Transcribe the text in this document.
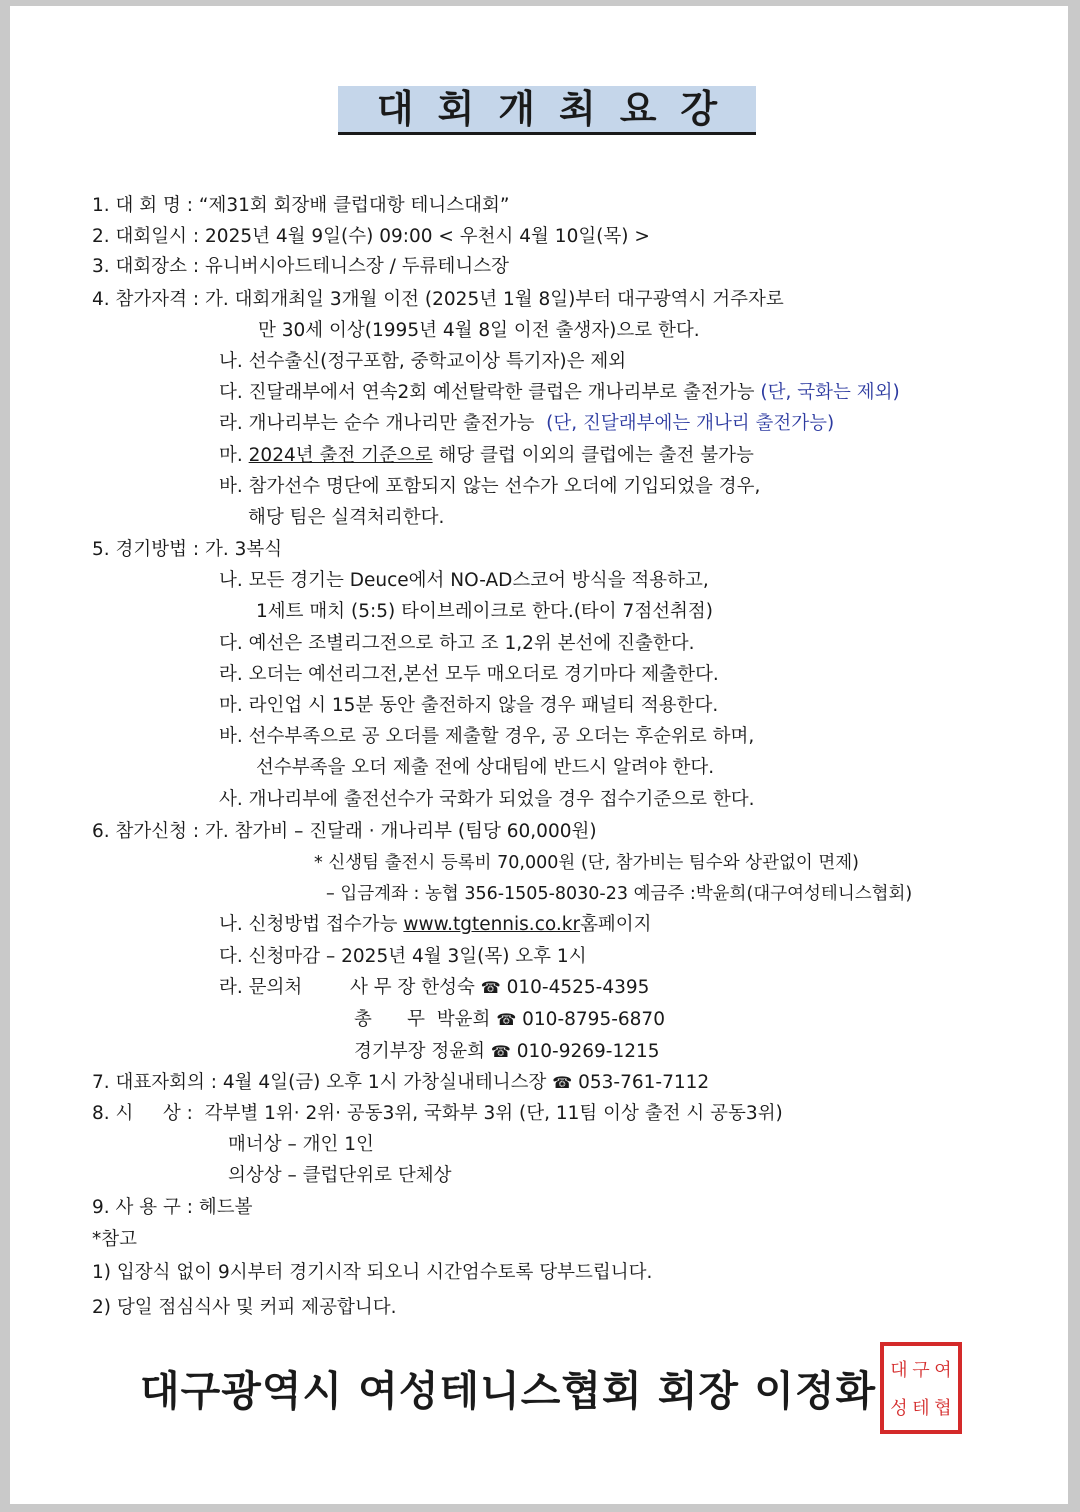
대회개최요강
1. 대 회 명 : “제31회 회장배 클럽대항 테니스대회”
2. 대회일시 : 2025년 4월 9일(수) 09:00 < 우천시 4월 10일(목) >
3. 대회장소 : 유니버시아드테니스장 / 두류테니스장
4. 참가자격 : 가. 대회개최일 3개월 이전 (2025년 1월 8일)부터 대구광역시 거주자로
만 30세 이상(1995년 4월 8일 이전 출생자)으로 한다.
나. 선수출신(정구포함, 중학교이상 특기자)은 제외
다. 진달래부에서 연속2회 예선탈락한 클럽은 개나리부로 출전가능 (단, 국화는 제외)
라. 개나리부는 순수 개나리만 출전가능 (단, 진달래부에는 개나리 출전가능)
마. 2024년 출전 기준으로 해당 클럽 이외의 클럽에는 출전 불가능
바. 참가선수 명단에 포함되지 않는 선수가 오더에 기입되었을 경우,
해당 팀은 실격처리한다.
5. 경기방법 : 가. 3복식
나. 모든 경기는 Deuce에서 NO-AD스코어 방식을 적용하고,
1세트 매치 (5:5) 타이브레이크로 한다.(타이 7점선취점)
다. 예선은 조별리그전으로 하고 조 1,2위 본선에 진출한다.
라. 오더는 예선리그전,본선 모두 매오더로 경기마다 제출한다.
마. 라인업 시 15분 동안 출전하지 않을 경우 패널티 적용한다.
바. 선수부족으로 공 오더를 제출할 경우, 공 오더는 후순위로 하며,
선수부족을 오더 제출 전에 상대팀에 반드시 알려야 한다.
사. 개나리부에 출전선수가 국화가 되었을 경우 접수기준으로 한다.
6. 참가신청 : 가. 참가비 – 진달래 · 개나리부 (팀당 60,000원)
* 신생팀 출전시 등록비 70,000원 (단, 참가비는 팀수와 상관없이 면제)
– 입금계좌 : 농협 356-1505-8030-23 예금주 :박윤희(대구여성테니스협회)
나. 신청방법 접수가능 www.tgtennis.co.kr홈페이지
다. 신청마감 – 2025년 4월 3일(목) 오후 1시
라. 문의처	사 무 장 한성숙 ☎ 010-4525-4395
총      무 박윤희 ☎ 010-8795-6870
경기부장 정윤희 ☎ 010-9269-1215
7. 대표자회의 : 4월 4일(금) 오후 1시 가창실내테니스장 ☎ 053-761-7112
8. 시     상 :  각부별 1위· 2위· 공동3위, 국화부 3위 (단, 11팀 이상 출전 시 공동3위)
매너상 – 개인 1인
의상상 – 클럽단위로 단체상
9. 사 용 구 : 헤드볼
*참고
1) 입장식 없이 9시부터 경기시작 되오니 시간엄수토록 당부드립니다.
2) 당일 점심식사 및 커피 제공합니다.
대구광역시 여성테니스협회 회장 이정화 대 구 여
성 테 협
